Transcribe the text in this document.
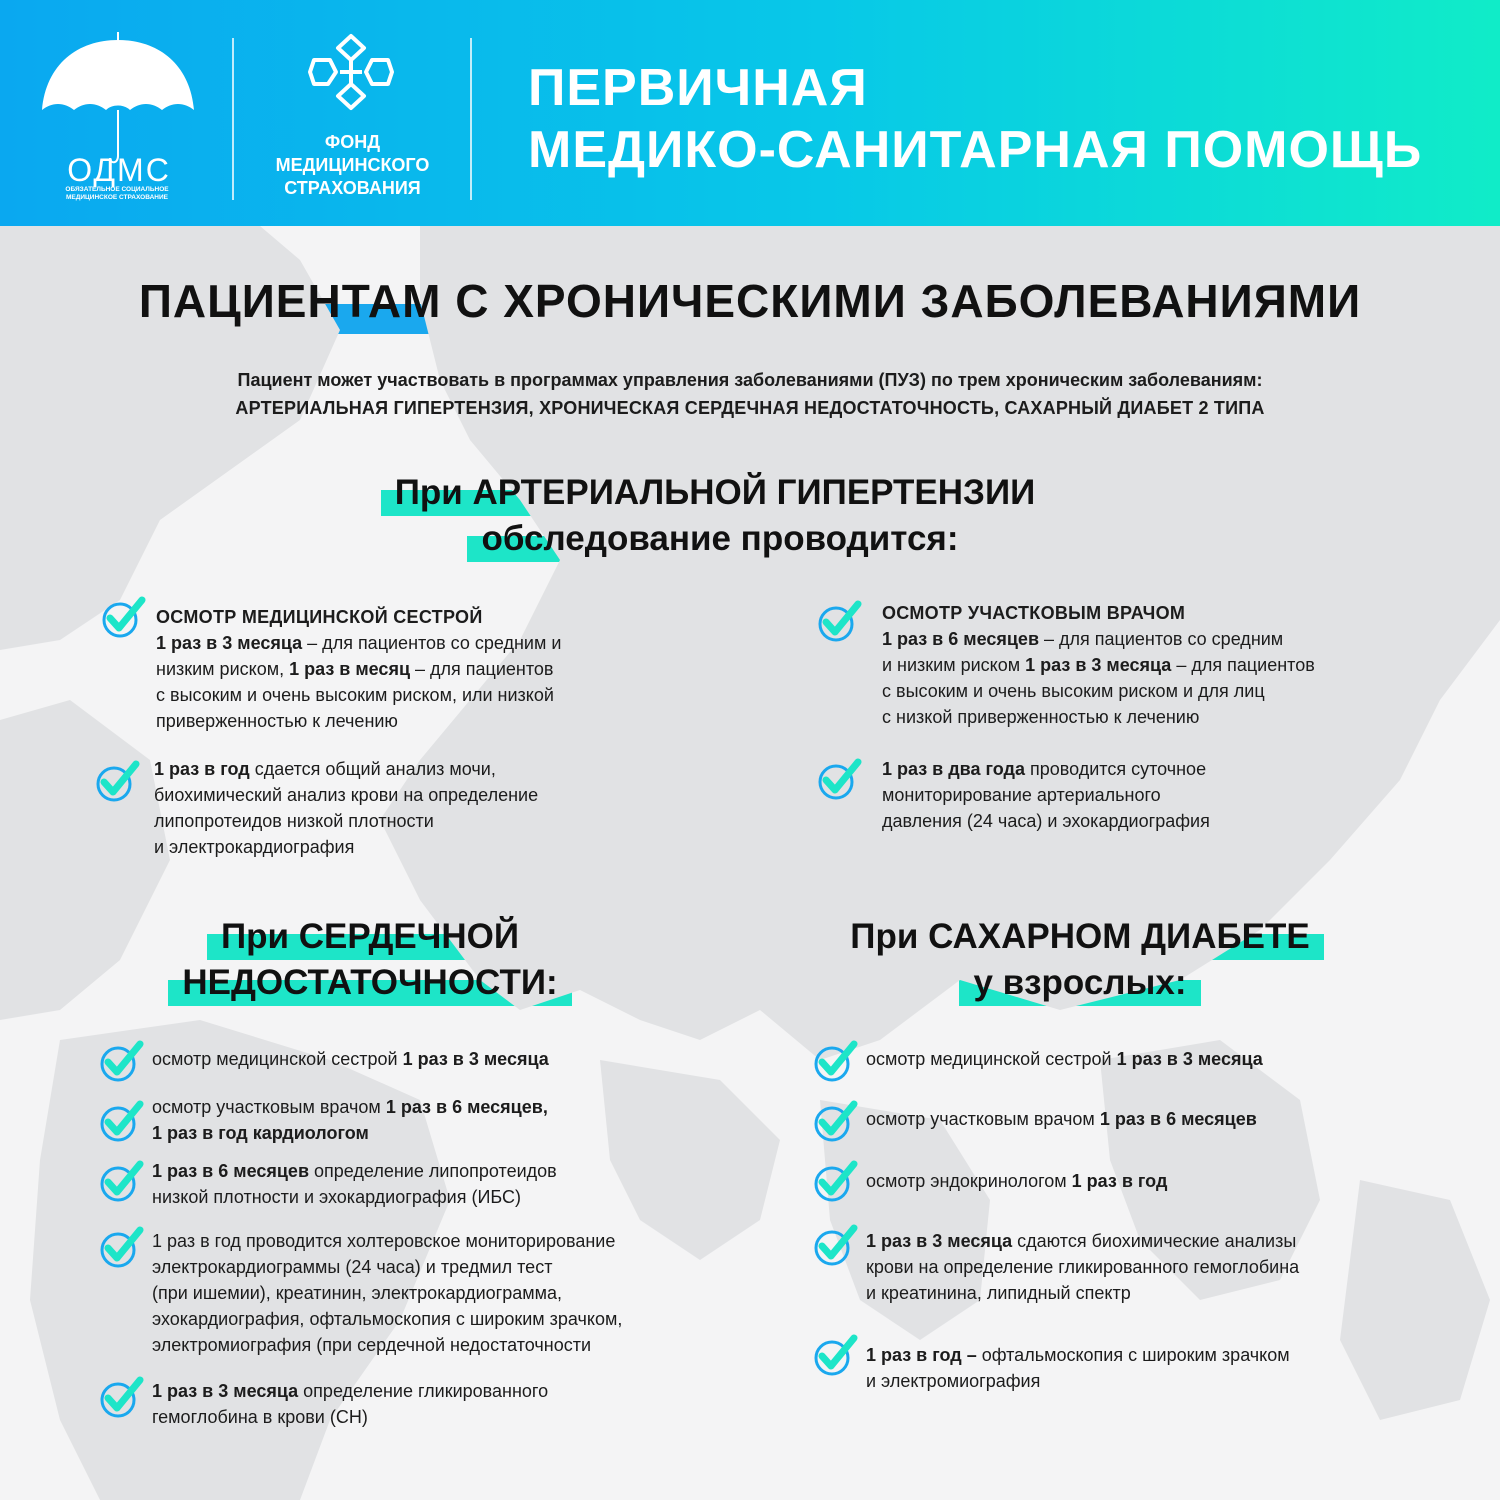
ОДМС
ОБЯЗАТЕЛЬНОЕ СОЦИАЛЬНОЕ МЕДИЦИНСКОЕ СТРАХОВАНИЕ
ФОНД
МЕДИЦИНСКОГО
СТРАХОВАНИЯ
ПЕРВИЧНАЯ
МЕДИКО-САНИТАРНАЯ ПОМОЩЬ
ПАЦИЕНТАМ С ХРОНИЧЕСКИМИ ЗАБОЛЕВАНИЯМИ
Пациент может участвовать в программах управления заболеваниями (ПУЗ) по трем хроническим заболеваниям:
АРТЕРИАЛЬНАЯ ГИПЕРТЕНЗИЯ, ХРОНИЧЕСКАЯ СЕРДЕЧНАЯ НЕДОСТАТОЧНОСТЬ, САХАРНЫЙ ДИАБЕТ 2 ТИПА
При АРТЕРИАЛЬНОЙ ГИПЕРТЕНЗИИ
обследование проводится:
ОСМОТР МЕДИЦИНСКОЙ СЕСТРОЙ
1 раз в 3 месяца – для пациентов со средним и
низким риском, 1 раз в месяц – для пациентов
с высоким и очень высоким риском, или низкой
приверженностью к лечению
1 раз в год сдается общий анализ мочи,
биохимический анализ крови на определение
липопротеидов низкой плотности
и электрокардиография
ОСМОТР УЧАСТКОВЫМ ВРАЧОМ
1 раз в 6 месяцев – для пациентов со средним
и низким риском 1 раз в 3 месяца – для пациентов
с высоким и очень высоким риском и для лиц
с низкой приверженностью к лечению
1 раз в два года проводится суточное
мониторирование артериального
давления (24 часа) и эхокардиография
При СЕРДЕЧНОЙ
НЕДОСТАТОЧНОСТИ:
При САХАРНОМ ДИАБЕТЕ
у взрослых:
осмотр медицинской сестрой 1 раз в 3 месяца
осмотр участковым врачом 1 раз в 6 месяцев,
1 раз в год кардиологом
1 раз в 6 месяцев определение липопротеидов
низкой плотности и эхокардиография (ИБС)
1 раз в год проводится холтеровское мониторирование
электрокардиограммы (24 часа) и тредмил тест
(при ишемии), креатинин, электрокардиограмма,
эхокардиография, офтальмоскопия с широким зрачком,
электромиография (при сердечной недостаточности
1 раз в 3 месяца определение гликированного
гемоглобина в крови (СН)
осмотр медицинской сестрой 1 раз в 3 месяца
осмотр участковым врачом 1 раз в 6 месяцев
осмотр эндокринологом 1 раз в год
1 раз в 3 месяца сдаются биохимические анализы
крови на определение гликированного гемоглобина
и креатинина, липидный спектр
1 раз в год – офтальмоскопия с широким зрачком
и электромиография
